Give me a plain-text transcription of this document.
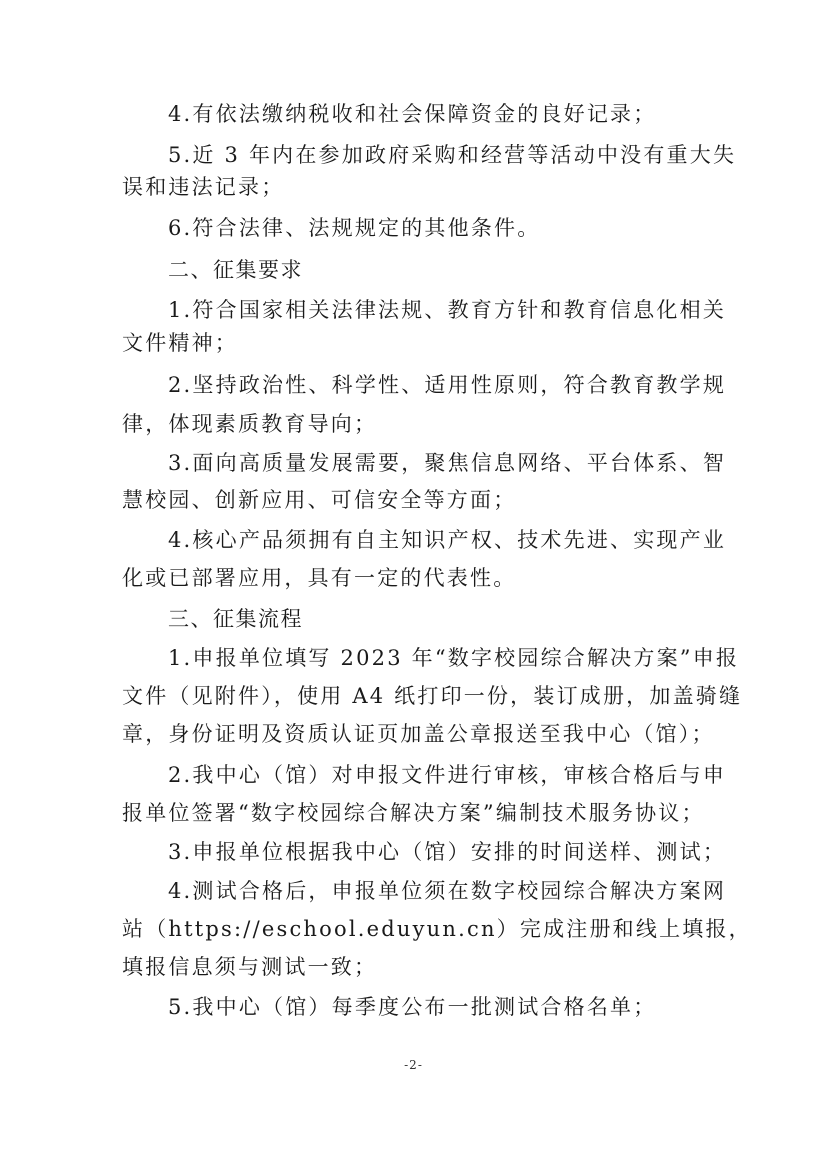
4.有依法缴纳税收和社会保障资金的良好记录；
5.近 3 年内在参加政府采购和经营等活动中没有重大失
误和违法记录；
6.符合法律、法规规定的其他条件。
二、征集要求
1.符合国家相关法律法规、教育方针和教育信息化相关
文件精神；
2.坚持政治性、科学性、适用性原则，符合教育教学规
律，体现素质教育导向；
3.面向高质量发展需要，聚焦信息网络、平台体系、智
慧校园、创新应用、可信安全等方面；
4.核心产品须拥有自主知识产权、技术先进、实现产业
化或已部署应用，具有一定的代表性。
三、征集流程
1.申报单位填写 2023 年“数字校园综合解决方案”申报
文件（见附件），使用 A4 纸打印一份，装订成册，加盖骑缝
章，身份证明及资质认证页加盖公章报送至我中心（馆）；
2.我中心（馆）对申报文件进行审核，审核合格后与申
报单位签署“数字校园综合解决方案”编制技术服务协议；
3.申报单位根据我中心（馆）安排的时间送样、测试；
4.测试合格后，申报单位须在数字校园综合解决方案网
站（https://eschool.eduyun.cn）完成注册和线上填报，
填报信息须与测试一致；
5.我中心（馆）每季度公布一批测试合格名单；
-2-
